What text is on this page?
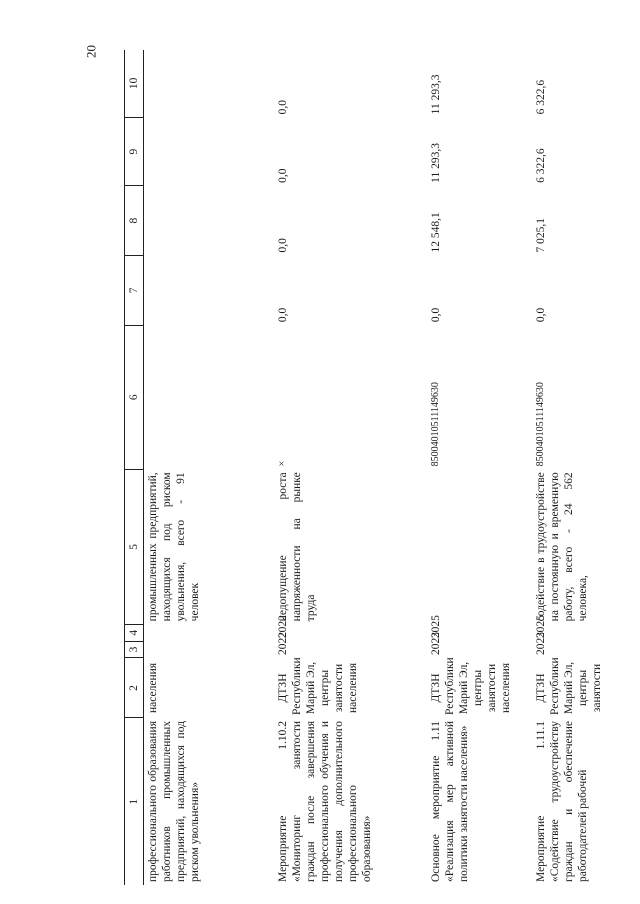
20
1	2	3	4	5	6	7	8	9	10
профессионального образования работников промышленных предприятий, находящихся под риском увольнения»	населения			промышленных предприятий, находящихся под риском увольнения, всего - 91 человек					
Мероприятие 1.10.2 «Мониторинг занятости граждан после завершения профессионального обучения и получения дополнительного профессионального образования»	ДТЗН Республики Марий Эл, центры занятости населения	2022	2022	недопущение роста напряженности на рынке труда	×	0,0	0,0	0,0	0,0
Основное мероприятие 1.11 «Реализация мер активной политики занятости населения»	ДТЗН Республики Марий Эл, центры занятости населения	2023	2025		85004010511149630	0,0	12 548,1	11 293,3	11 293,3
Мероприятие 1.11.1 «Содействие трудоустройству граждан и обеспечение работодателей рабочей	ДТЗН Республики Марий Эл, центры занятости	2023	2025	содействие в трудоустройстве на постоянную и временную работу, всего - 24 562 человека,	85004010511149630	0,0	7 025,1	6 322,6	6 322,6
